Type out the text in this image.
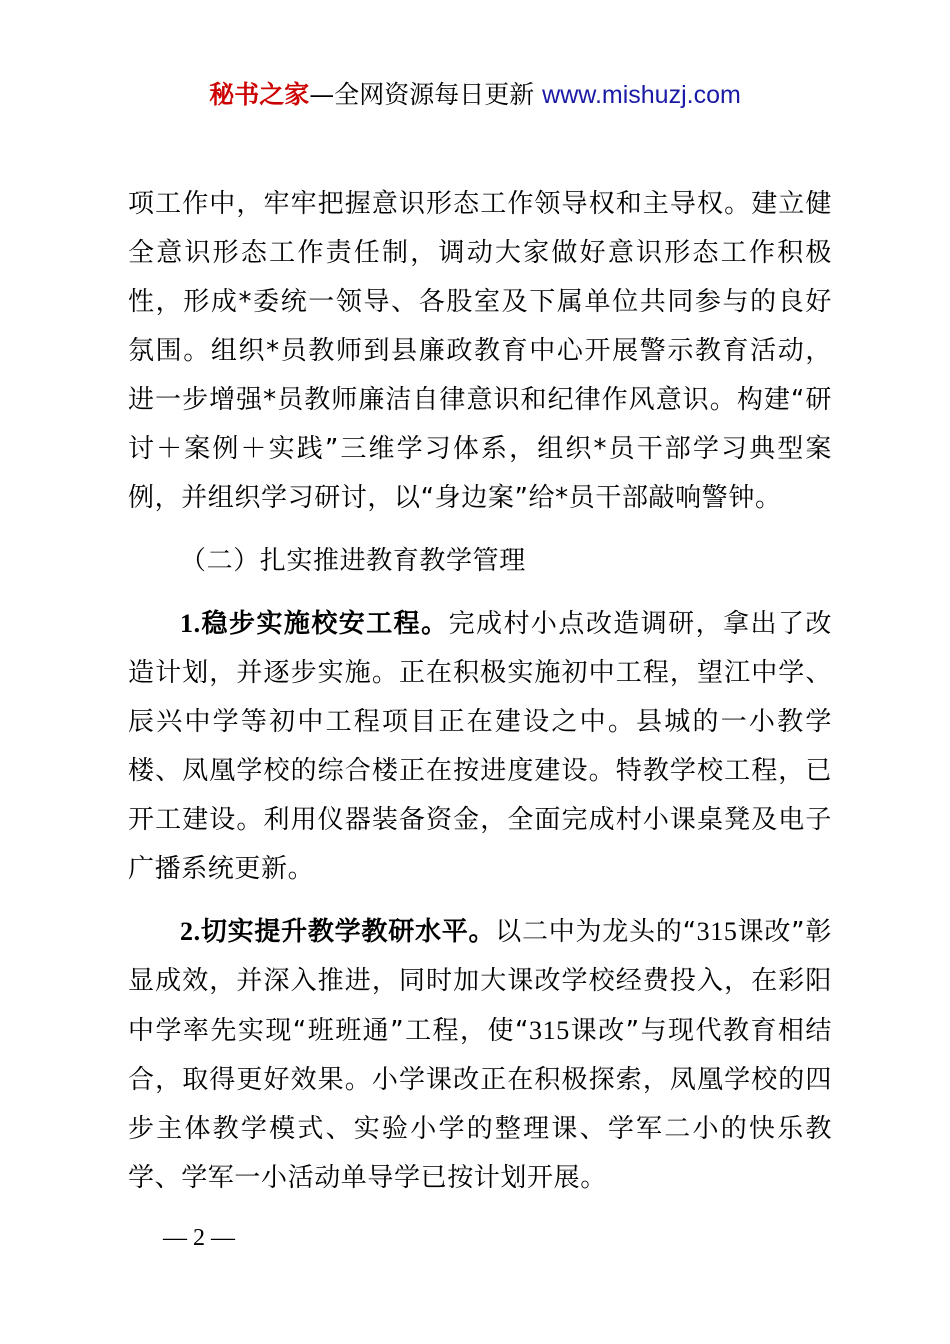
秘书之家—全网资源每日更新 www.mishuzj.com

项工作中，牢牢把握意识形态工作领导权和主导权。建立健全意识形态工作责任制，调动大家做好意识形态工作积极性，形成*委统一领导、各股室及下属单位共同参与的良好氛围。组织*员教师到县廉政教育中心开展警示教育活动，进一步增强*员教师廉洁自律意识和纪律作风意识。构建“研讨＋案例＋实践”三维学习体系，组织*员干部学习典型案例，并组织学习研讨，以“身边案”给*员干部敲响警钟。

（二）扎实推进教育教学管理

1.稳步实施校安工程。完成村小点改造调研，拿出了改造计划，并逐步实施。正在积极实施初中工程，望江中学、辰兴中学等初中工程项目正在建设之中。县城的一小教学楼、凤凰学校的综合楼正在按进度建设。特教学校工程，已开工建设。利用仪器装备资金，全面完成村小课桌凳及电子广播系统更新。

2.切实提升教学教研水平。以二中为龙头的“315课改”彰显成效，并深入推进，同时加大课改学校经费投入，在彩阳中学率先实现“班班通”工程，使“315课改”与现代教育相结合，取得更好效果。小学课改正在积极探索，凤凰学校的四步主体教学模式、实验小学的整理课、学军二小的快乐教学、学军一小活动单导学已按计划开展。

— 2 —
